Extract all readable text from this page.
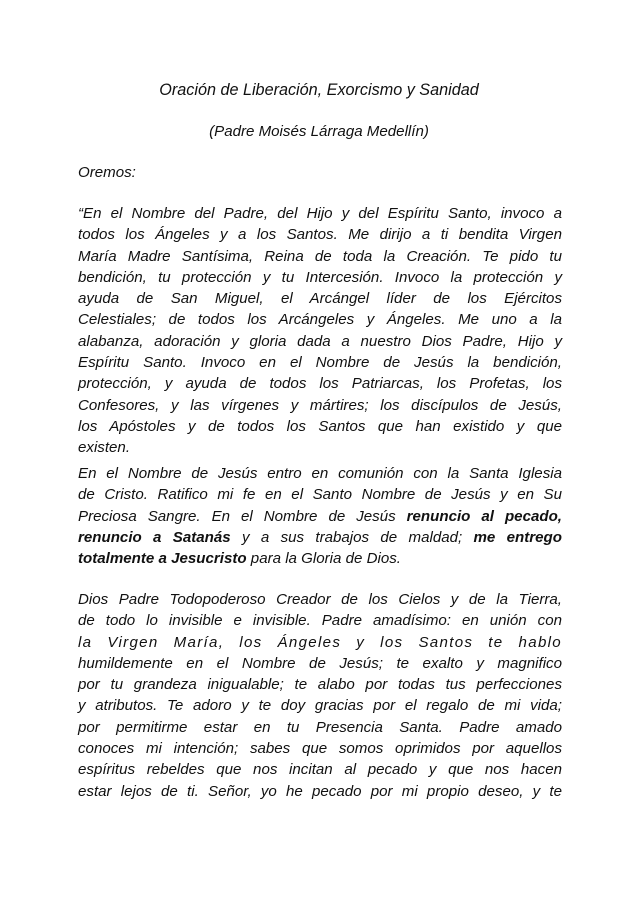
Oración de Liberación, Exorcismo y Sanidad
(Padre Moisés Lárraga Medellín)
Oremos:
“En el Nombre del Padre, del Hijo y del Espíritu Santo, invoco a
todos los Ángeles y a los Santos. Me dirijo a ti bendita Virgen
María Madre Santísima, Reina de toda la Creación. Te pido tu
bendición, tu protección y tu Intercesión. Invoco la protección y
ayuda de San Miguel, el Arcángel líder de los Ejércitos
Celestiales; de todos los Arcángeles y Ángeles. Me uno a la
alabanza, adoración y gloria dada a nuestro Dios Padre, Hijo y
Espíritu Santo. Invoco en el Nombre de Jesús la bendición,
protección, y ayuda de todos los Patriarcas, los Profetas, los
Confesores, y las vírgenes y mártires; los discípulos de Jesús,
los Apóstoles y de todos los Santos que han existido y que
existen.
En el Nombre de Jesús entro en comunión con la Santa Iglesia
de Cristo. Ratifico mi fe en el Santo Nombre de Jesús y en Su
Preciosa Sangre. En el Nombre de Jesús renuncio al pecado,
renuncio a Satanás y a sus trabajos de maldad; me entrego
totalmente a Jesucristo para la Gloria de Dios.
Dios Padre Todopoderoso Creador de los Cielos y de la Tierra,
de todo lo invisible e invisible. Padre amadísimo: en unión con
la Virgen María, los Ángeles y los Santos te hablo
humildemente en el Nombre de Jesús; te exalto y magnifico
por tu grandeza inigualable; te alabo por todas tus perfecciones
y atributos. Te adoro y te doy gracias por el regalo de mi vida;
por permitirme estar en tu Presencia Santa. Padre amado
conoces mi intención; sabes que somos oprimidos por aquellos
espíritus rebeldes que nos incitan al pecado y que nos hacen
estar lejos de ti. Señor, yo he pecado por mi propio deseo, y te
